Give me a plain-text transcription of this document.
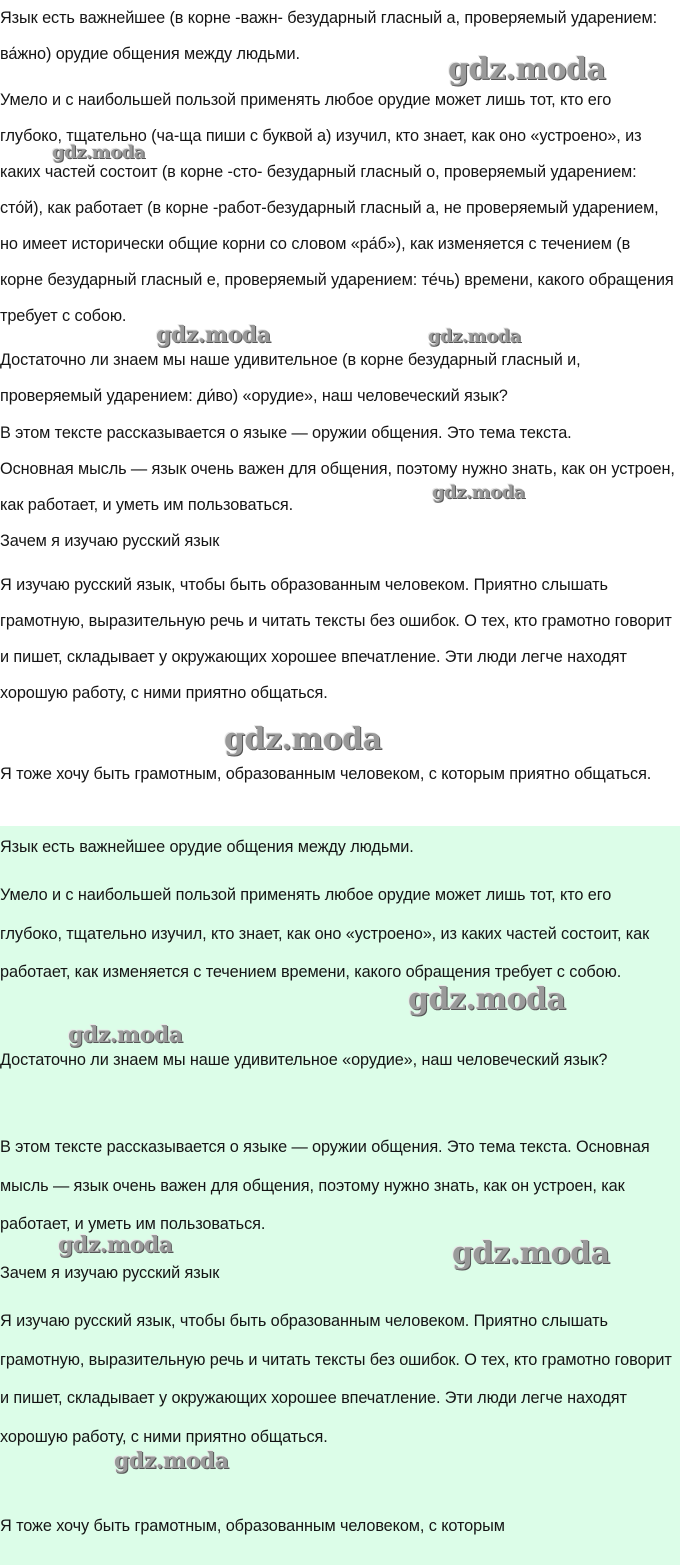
Язык есть важнейшее (в корне -важн- безударный гласный а, проверяемый ударением: ва́жно) орудие общения между людьми.

Умело и с наибольшей пользой применять любое орудие может лишь тот, кто его глубоко, тщательно (ча-ща пиши с буквой а) изучил, кто знает, как оно «устроено», из каких частей состоит (в корне -сто- безударный гласный о, проверяемый ударением: сто́й), как работает (в корне -работ-безударный гласный а, не проверяемый ударением, но имеет исторически общие корни со словом «ра́б»), как изменяется с течением (в корне безударный гласный е, проверяемый ударением: те́чь) времени, какого обращения требует с собою.

Достаточно ли знаем мы наше удивительное (в корне безударный гласный и, проверяемый ударением: ди́во) «орудие», наш человеческий язык?

В этом тексте рассказывается о языке — оружии общения. Это тема текста.

Основная мысль — язык очень важен для общения, поэтому нужно знать, как он устроен, как работает, и уметь им пользоваться.

Зачем я изучаю русский язык

Я изучаю русский язык, чтобы быть образованным человеком. Приятно слышать грамотную, выразительную речь и читать тексты без ошибок. О тех, кто грамотно говорит и пишет, складывает у окружающих хорошее впечатление. Эти люди легче находят хорошую работу, с ними приятно общаться.

Я тоже хочу быть грамотным, образованным человеком, с которым приятно общаться.

Язык есть важнейшее орудие общения между людьми.

Умело и с наибольшей пользой применять любое орудие может лишь тот, кто его глубоко, тщательно изучил, кто знает, как оно «устроено», из каких частей состоит, как работает, как изменяется с течением времени, какого обращения требует с собою.

Достаточно ли знаем мы наше удивительное «орудие», наш человеческий язык?

В этом тексте рассказывается о языке — оружии общения. Это тема текста. Основная мысль — язык очень важен для общения, поэтому нужно знать, как он устроен, как работает, и уметь им пользоваться.

Зачем я изучаю русский язык

Я изучаю русский язык, чтобы быть образованным человеком. Приятно слышать грамотную, выразительную речь и читать тексты без ошибок. О тех, кто грамотно говорит и пишет, складывает у окружающих хорошее впечатление. Эти люди легче находят хорошую работу, с ними приятно общаться.

Я тоже хочу быть грамотным, образованным человеком, с которым

gdz.moda
gdz.moda
gdz.moda	gdz.moda
gdz.moda
gdz.moda
gdz.moda
gdz.moda
gdz.moda	gdz.moda
gdz.moda
